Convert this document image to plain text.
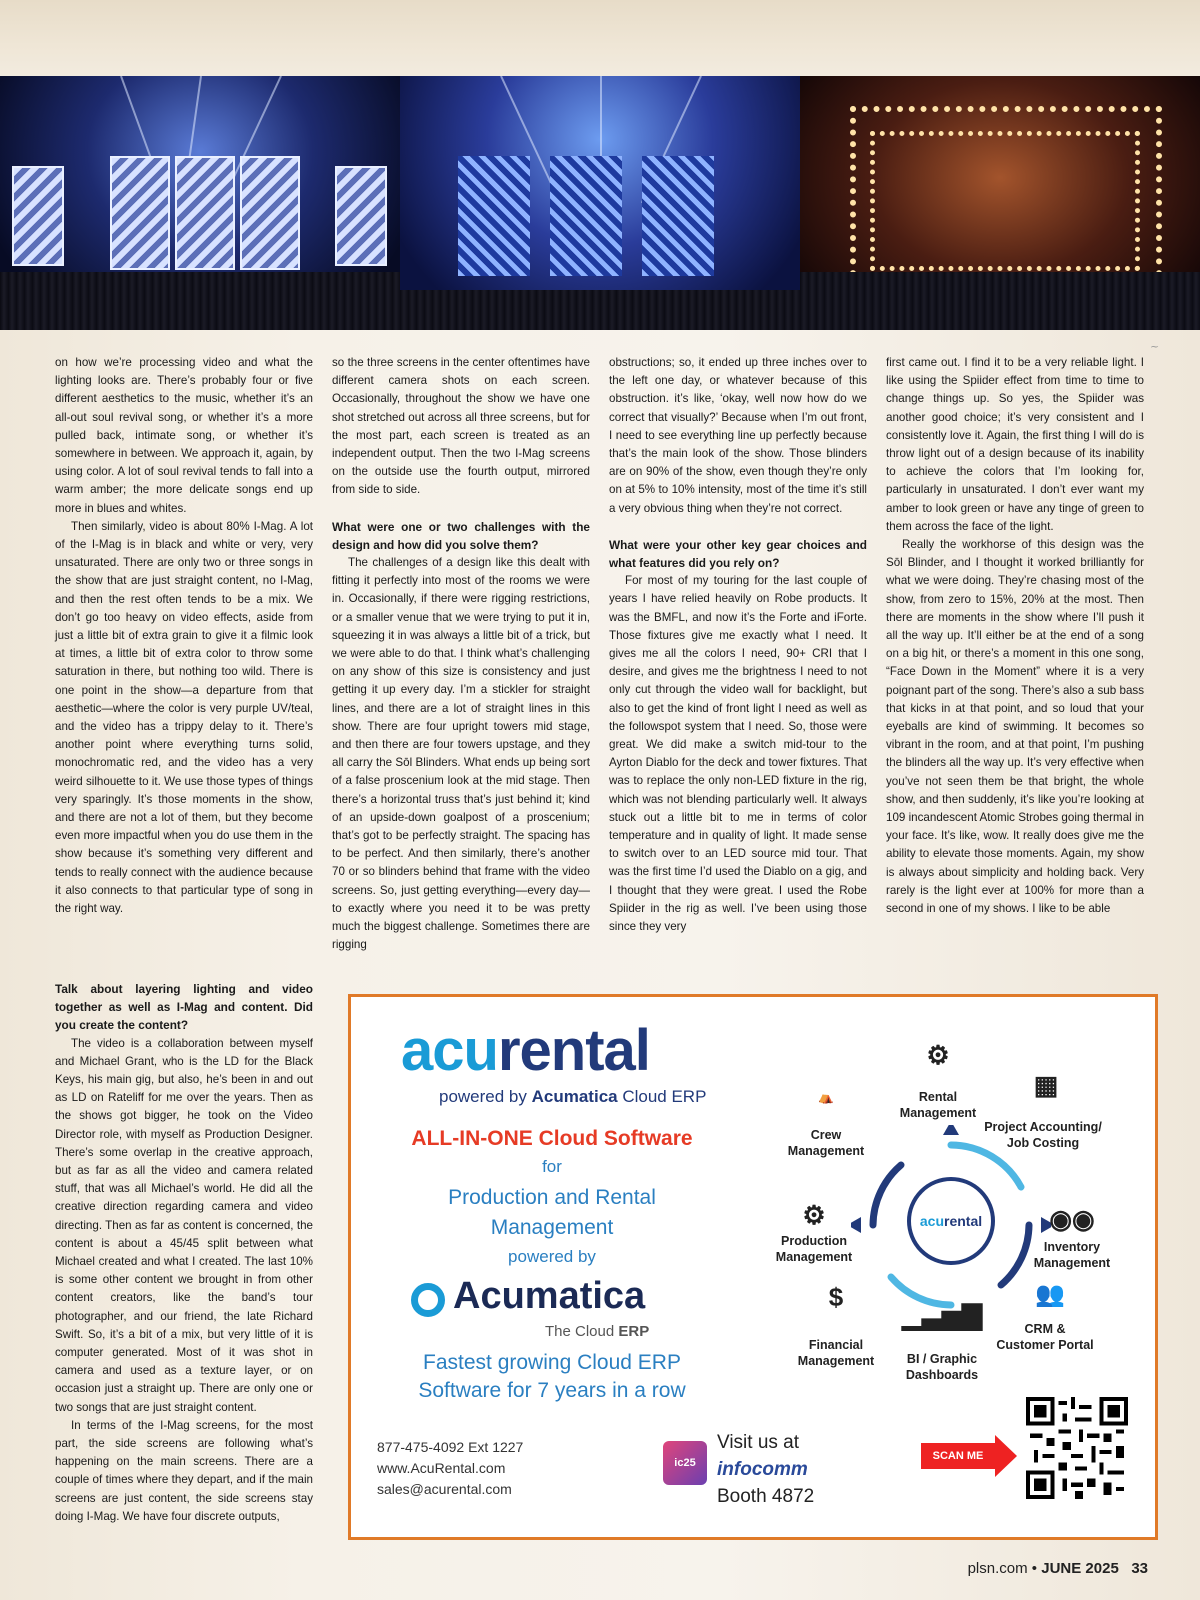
~

on how we’re processing video and what the lighting looks are. There’s probably four or five different aesthetics to the music, whether it’s an all-out soul revival song, or whether it’s a more pulled back, intimate song, or whether it’s somewhere in between. We approach it, again, by using color. A lot of soul revival tends to fall into a warm amber; the more delicate songs end up more in blues and whites.

Then similarly, video is about 80% I-Mag. A lot of the I-Mag is in black and white or very, very unsaturated. There are only two or three songs in the show that are just straight content, no I-Mag, and then the rest often tends to be a mix. We don’t go too heavy on video effects, aside from just a little bit of extra grain to give it a filmic look at times, a little bit of extra color to throw some saturation in there, but nothing too wild. There is one point in the show—a departure from that aesthetic—where the color is very purple UV/teal, and the video has a trippy delay to it. There’s another point where everything turns solid, monochromatic red, and the video has a very weird silhouette to it. We use those types of things very sparingly. It’s those moments in the show, and there are not a lot of them, but they become even more impactful when you do use them in the show because it’s something very different and tends to really connect with the audience because it also connects to that particular type of song in the right way.

so the three screens in the center oftentimes have different camera shots on each screen. Occasionally, throughout the show we have one shot stretched out across all three screens, but for the most part, each screen is treated as an independent output. Then the two I-Mag screens on the outside use the fourth output, mirrored from side to side.

What were one or two challenges with the design and how did you solve them?

The challenges of a design like this dealt with fitting it perfectly into most of the rooms we were in. Occasionally, if there were rigging restrictions, or a smaller venue that we were trying to put it in, squeezing it in was always a little bit of a trick, but we were able to do that. I think what’s challenging on any show of this size is consistency and just getting it up every day. I’m a stickler for straight lines, and there are a lot of straight lines in this show. There are four upright towers mid stage, and then there are four towers upstage, and they all carry the Sōl Blinders. What ends up being sort of a false proscenium look at the mid stage. Then there’s a horizontal truss that’s just behind it; kind of an upside-down goalpost of a proscenium; that’s got to be perfectly straight. The spacing has to be perfect. And then similarly, there’s another 70 or so blinders behind that frame with the video screens. So, just getting everything—every day—to exactly where you need it to be was pretty much the biggest challenge. Sometimes there are rigging

obstructions; so, it ended up three inches over to the left one day, or whatever because of this obstruction. it’s like, ‘okay, well now how do we correct that visually?’ Because when I’m out front, I need to see everything line up perfectly because that’s the main look of the show. Those blinders are on 90% of the show, even though they’re only on at 5% to 10% intensity, most of the time it’s still a very obvious thing when they’re not correct.

What were your other key gear choices and what features did you rely on?

For most of my touring for the last couple of years I have relied heavily on Robe products. It was the BMFL, and now it’s the Forte and iForte. Those fixtures give me exactly what I need. It gives me all the colors I need, 90+ CRI that I desire, and gives me the brightness I need to not only cut through the video wall for backlight, but also to get the kind of front light I need as well as the followspot system that I need. So, those were great. We did make a switch mid-tour to the Ayrton Diablo for the deck and tower fixtures. That was to replace the only non-LED fixture in the rig, which was not blending particularly well. It always stuck out a little bit to me in terms of color temperature and in quality of light. It made sense to switch over to an LED source mid tour. That was the first time I’d used the Diablo on a gig, and I thought that they were great. I used the Robe Spiider in the rig as well. I’ve been using those since they very

first came out. I find it to be a very reliable light. I like using the Spiider effect from time to time to change things up. So yes, the Spiider was another good choice; it’s very consistent and I consistently love it. Again, the first thing I will do is throw light out of a design because of its inability to achieve the colors that I’m looking for, particularly in unsaturated. I don’t ever want my amber to look green or have any tinge of green to them across the face of the light.

Really the workhorse of this design was the Sōl Blinder, and I thought it worked brilliantly for what we were doing. They’re chasing most of the show, from zero to 15%, 20% at the most. Then there are moments in the show where I’ll push it all the way up. It’ll either be at the end of a song on a big hit, or there’s a moment in this one song, “Face Down in the Moment” where it is a very poignant part of the song. There’s also a sub bass that kicks in at that point, and so loud that your eyeballs are kind of swimming. It becomes so vibrant in the room, and at that point, I’m pushing the blinders all the way up. It’s very effective when you’ve not seen them be that bright, the whole show, and then suddenly, it’s like you’re looking at 109 incandescent Atomic Strobes going thermal in your face. It’s like, wow. It really does give me the ability to elevate those moments. Again, my show is always about simplicity and holding back. Very rarely is the light ever at 100% for more than a second in one of my shows. I like to be able

Talk about layering lighting and video together as well as I-Mag and content. Did you create the content?

The video is a collaboration between myself and Michael Grant, who is the LD for the Black Keys, his main gig, but also, he’s been in and out as LD on Rateliff for me over the years. Then as the shows got bigger, he took on the Video Director role, with myself as Production Designer. There’s some overlap in the creative approach, but as far as all the video and camera related stuff, that was all Michael’s world. He did all the creative direction regarding camera and video directing. Then as far as content is concerned, the content is about a 45/45 split between what Michael created and what I created. The last 10% is some other content we brought in from other content creators, like the band’s tour photographer, and our friend, the late Richard Swift. So, it’s a bit of a mix, but very little of it is computer generated. Most of it was shot in camera and used as a texture layer, or on occasion just a straight up. There are only one or two songs that are just straight content.

In terms of the I-Mag screens, for the most part, the side screens are following what’s happening on the main screens. There are a couple of times where they depart, and if the main screens are just content, the side screens stay doing I-Mag. We have four discrete outputs,

acurental
powered by Acumatica Cloud ERP
ALL-IN-ONE Cloud Software
for
Production and Rental
Management
powered by
Acumatica
The Cloud ERP
Fastest growing Cloud ERP
Software for 7 years in a row
877-475-4092 Ext 1227
www.AcuRental.com
sales@acurental.com
ic25
Visit us at
infocomm
Booth 4872
SCAN ME
acu rental
⛺
Crew Management
⚙
Rental Management
▦
Project Accounting/ Job Costing
⚙
Production Management
◉◉
Inventory Management
$
Financial Management
▁▃▅▇
BI / Graphic Dashboards
👥
CRM & Customer Portal
plsn.com • JUNE 2025 33
